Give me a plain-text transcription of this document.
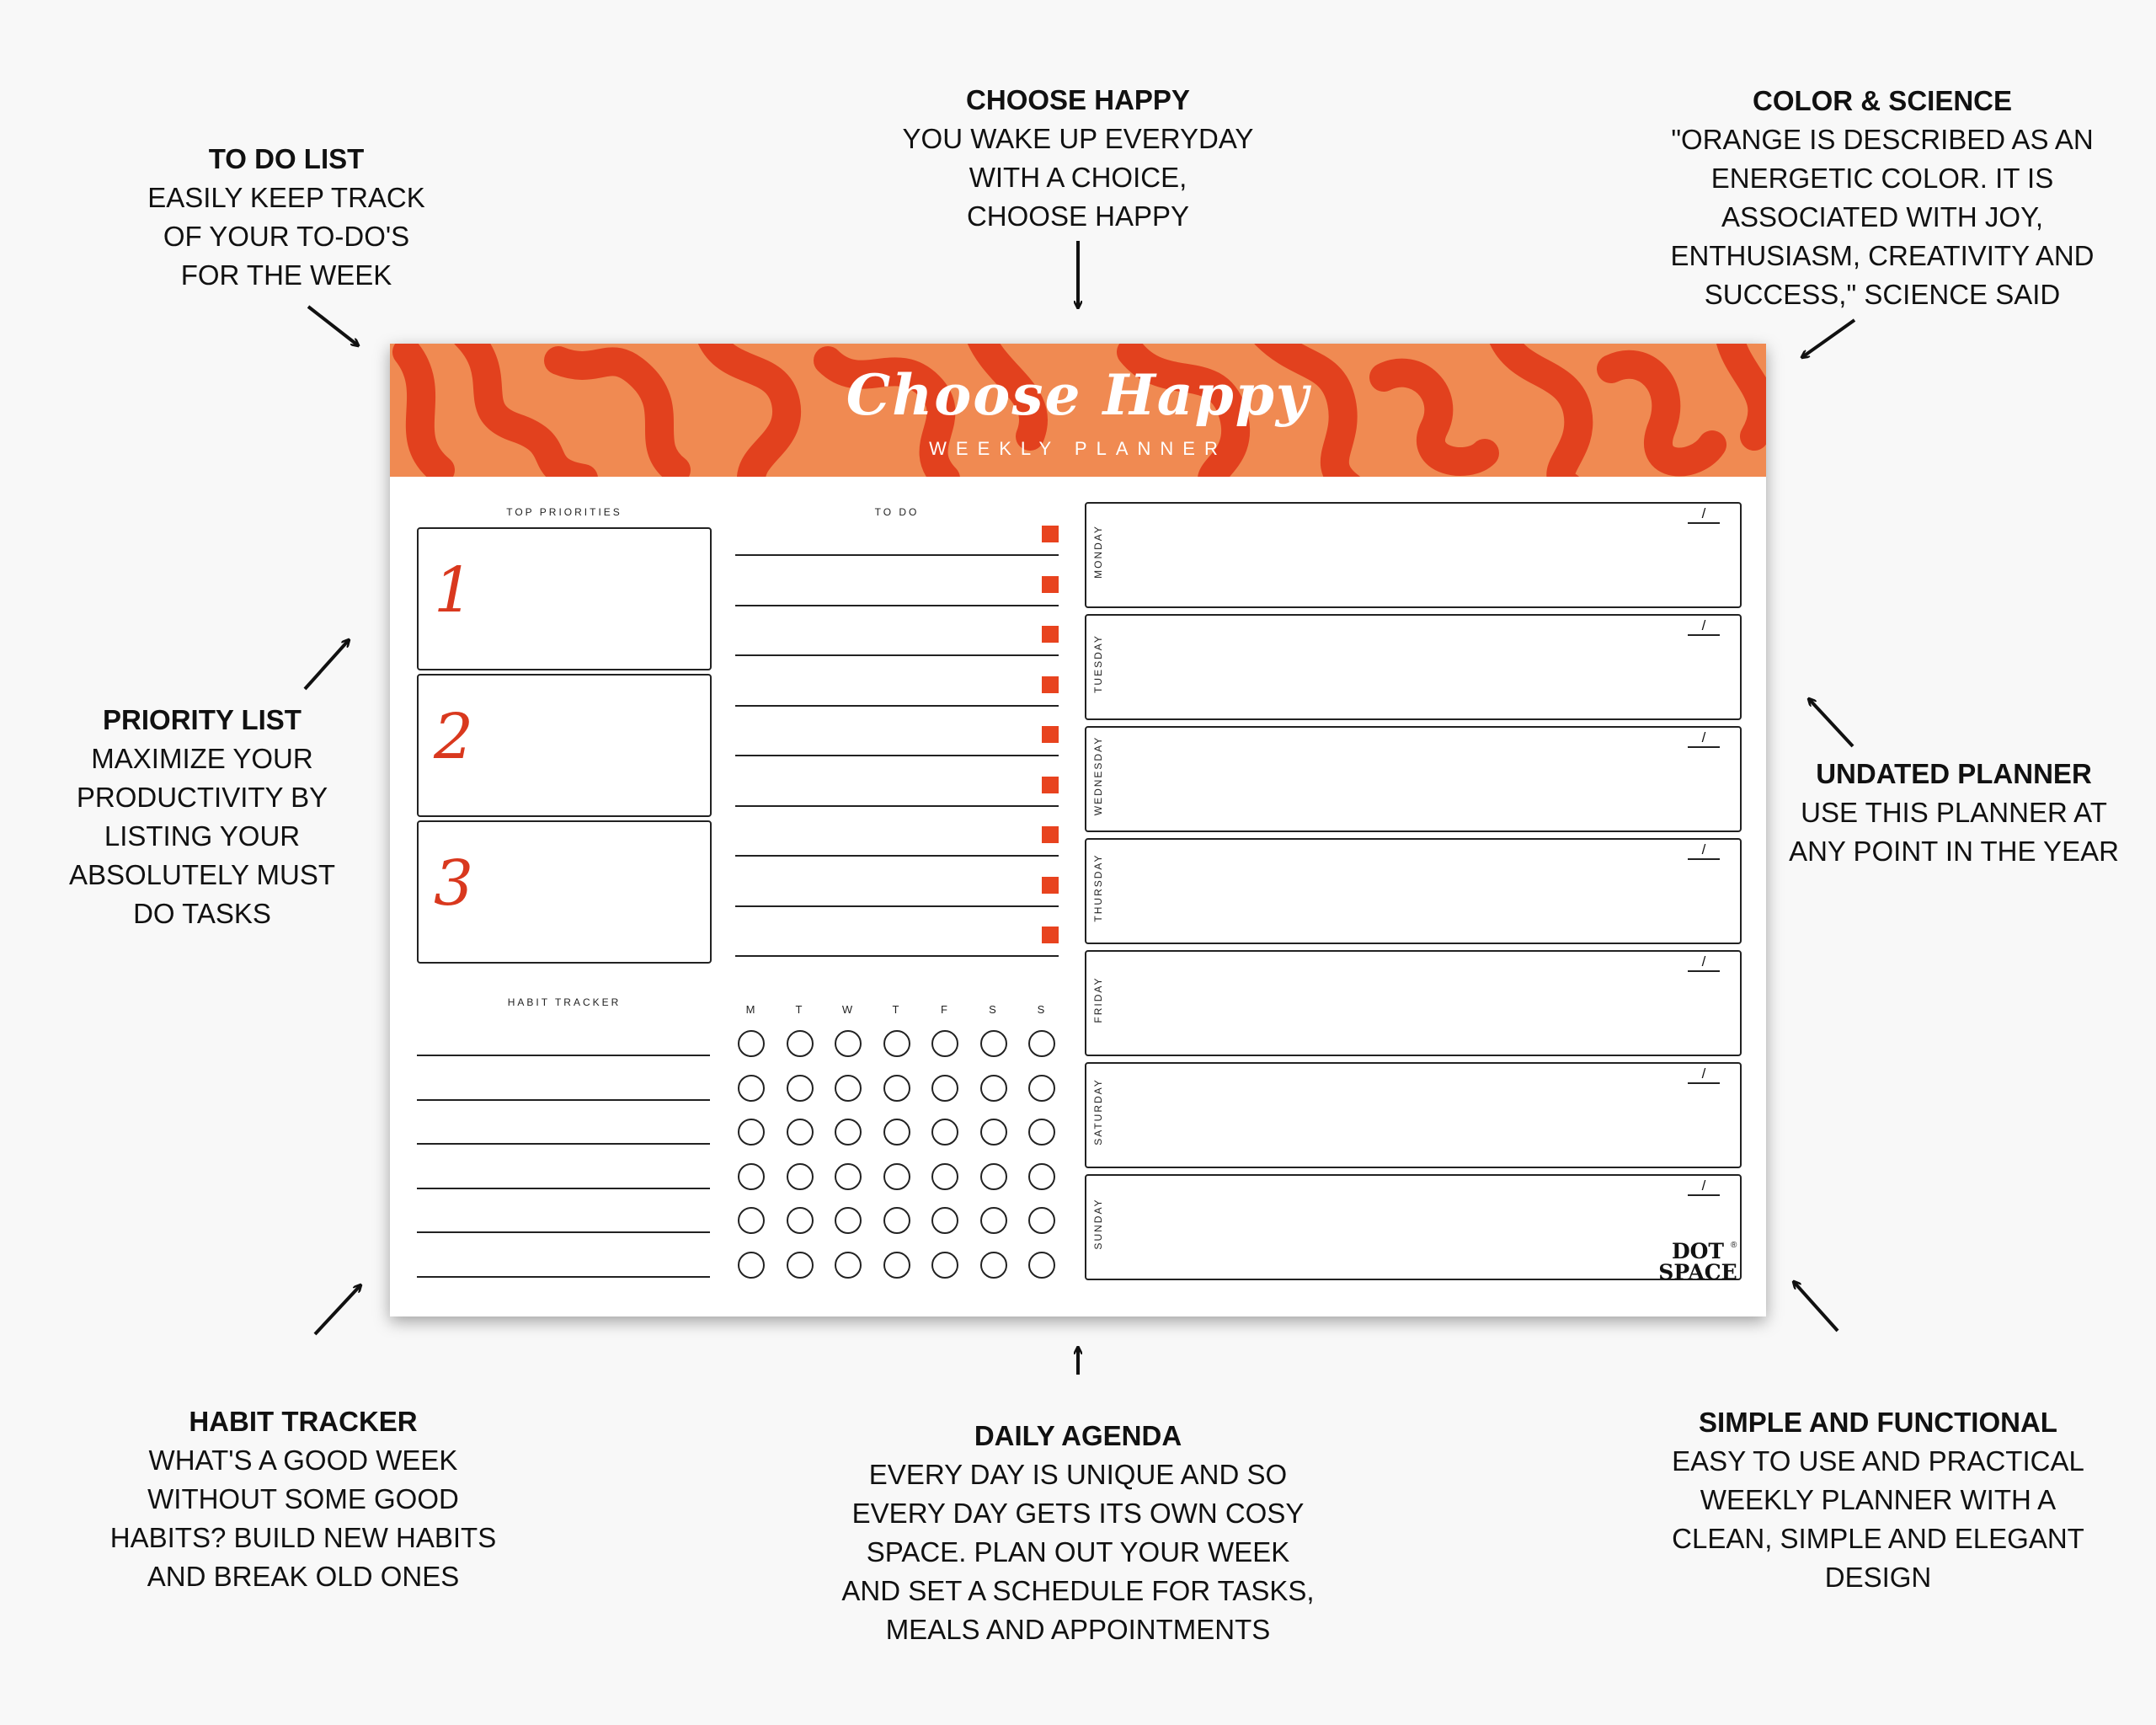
TO DO LIST
EASILY KEEP TRACK
OF YOUR TO-DO'S
FOR THE WEEK
CHOOSE HAPPY
YOU WAKE UP EVERYDAY
WITH A CHOICE,
CHOOSE HAPPY
COLOR & SCIENCE
"ORANGE IS DESCRIBED AS AN
ENERGETIC COLOR. IT IS
ASSOCIATED WITH JOY,
ENTHUSIASM, CREATIVITY AND
SUCCESS," SCIENCE SAID
PRIORITY LIST
MAXIMIZE YOUR
PRODUCTIVITY BY
LISTING YOUR
ABSOLUTELY MUST
DO TASKS
UNDATED PLANNER
USE THIS PLANNER AT
ANY POINT IN THE YEAR
HABIT TRACKER
WHAT'S A GOOD WEEK
WITHOUT SOME GOOD
HABITS? BUILD NEW HABITS
AND BREAK OLD ONES
DAILY AGENDA
EVERY DAY IS UNIQUE AND SO
EVERY DAY GETS ITS OWN COSY
SPACE. PLAN OUT YOUR WEEK
AND SET A SCHEDULE FOR TASKS,
MEALS AND APPOINTMENTS
SIMPLE AND FUNCTIONAL
EASY TO USE AND PRACTICAL
WEEKLY PLANNER WITH A
CLEAN, SIMPLE AND ELEGANT
DESIGN
Choose Happy
WEEKLY PLANNER
TOP PRIORITIES
1
2
3
TO DO
HABIT TRACKER
M	T	W	T	F	S	S
MONDAY
/
TUESDAY
/
WEDNESDAY	/
THURSDAY
/
FRIDAY
/
SATURDAY
/
SUNDAY
/
DOT
SPACE
®
